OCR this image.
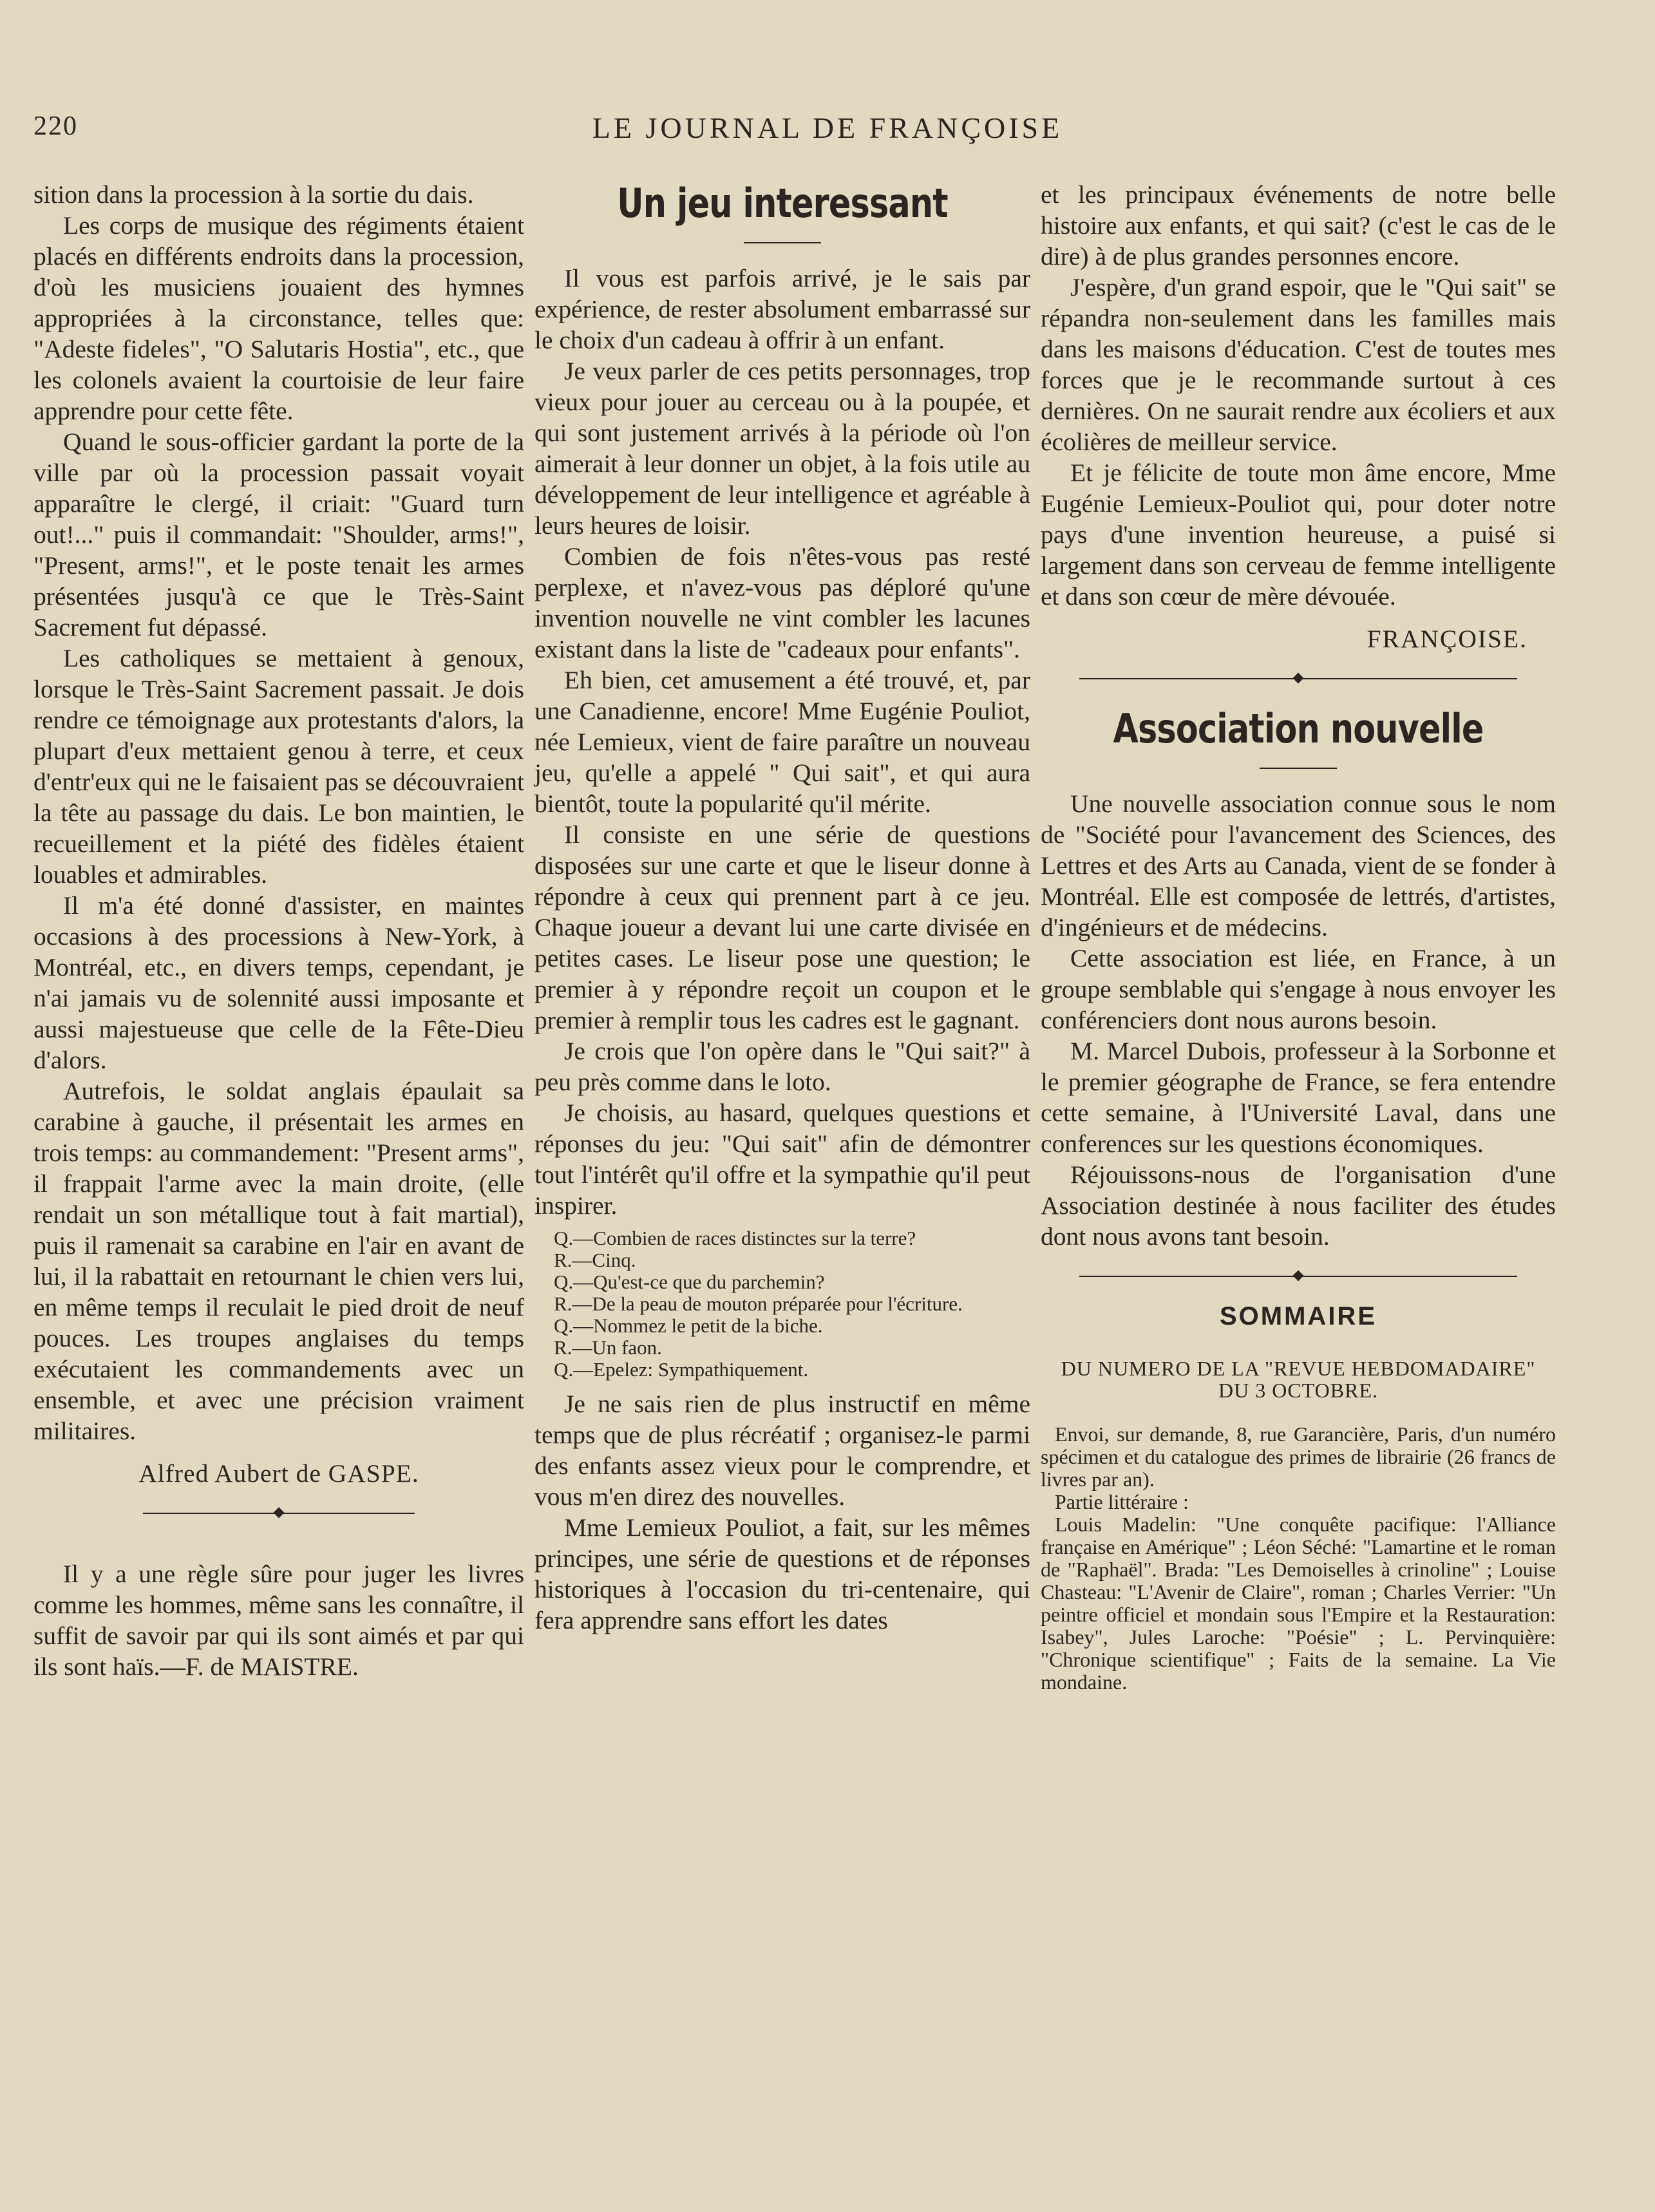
220	LE JOURNAL DE FRANÇOISE

sition dans la procession à la sortie du dais.

Les corps de musique des régiments étaient placés en différents endroits dans la procession, d'où les musiciens jouaient des hymnes appropriées à la circonstance, telles que: "Adeste fideles", "O Salutaris Hostia", etc., que les colonels avaient la courtoisie de leur faire apprendre pour cette fête.

Quand le sous-officier gardant la porte de la ville par où la procession passait voyait apparaître le clergé, il criait: "Guard turn out!..." puis il commandait: "Shoulder, arms!", "Present, arms!", et le poste tenait les armes présentées jusqu'à ce que le Très-Saint Sacrement fut dépassé.

Les catholiques se mettaient à genoux, lorsque le Très-Saint Sacrement passait. Je dois rendre ce témoignage aux protestants d'alors, la plupart d'eux mettaient genou à terre, et ceux d'entr'eux qui ne le faisaient pas se découvraient la tête au passage du dais. Le bon maintien, le recueillement et la piété des fidèles étaient louables et admirables.

Il m'a été donné d'assister, en maintes occasions à des processions à New-York, à Montréal, etc., en divers temps, cependant, je n'ai jamais vu de solennité aussi imposante et aussi majestueuse que celle de la Fête-Dieu d'alors.

Autrefois, le soldat anglais épaulait sa carabine à gauche, il présentait les armes en trois temps: au commandement: "Present arms", il frappait l'arme avec la main droite, (elle rendait un son métallique tout à fait martial), puis il ramenait sa carabine en l'air en avant de lui, il la rabattait en retournant le chien vers lui, en même temps il reculait le pied droit de neuf pouces. Les troupes anglaises du temps exécutaient les commandements avec un ensemble, et avec une précision vraiment militaires.

Alfred Aubert de GASPE.

Il y a une règle sûre pour juger les livres comme les hommes, même sans les connaître, il suffit de savoir par qui ils sont aimés et par qui ils sont haïs.—F. de MAISTRE.

Un jeu interessant

Il vous est parfois arrivé, je le sais par expérience, de rester absolument embarrassé sur le choix d'un cadeau à offrir à un enfant.

Je veux parler de ces petits personnages, trop vieux pour jouer au cerceau ou à la poupée, et qui sont justement arrivés à la période où l'on aimerait à leur donner un objet, à la fois utile au développement de leur intelligence et agréable à leurs heures de loisir.

Combien de fois n'êtes-vous pas resté perplexe, et n'avez-vous pas déploré qu'une invention nouvelle ne vint combler les lacunes existant dans la liste de "cadeaux pour enfants".

Eh bien, cet amusement a été trouvé, et, par une Canadienne, encore! Mme Eugénie Pouliot, née Lemieux, vient de faire paraître un nouveau jeu, qu'elle a appelé " Qui sait", et qui aura bientôt, toute la popularité qu'il mérite.

Il consiste en une série de questions disposées sur une carte et que le liseur donne à répondre à ceux qui prennent part à ce jeu. Chaque joueur a devant lui une carte divisée en petites cases. Le liseur pose une question; le premier à y répondre reçoit un coupon et le premier à remplir tous les cadres est le gagnant.

Je crois que l'on opère dans le "Qui sait?" à peu près comme dans le loto.

Je choisis, au hasard, quelques questions et réponses du jeu: "Qui sait" afin de démontrer tout l'intérêt qu'il offre et la sympathie qu'il peut inspirer.

Q.—Combien de races distinctes sur la terre?
R.—Cinq.
Q.—Qu'est-ce que du parchemin?
R.—De la peau de mouton préparée pour l'écriture.
Q.—Nommez le petit de la biche.
R.—Un faon.
Q.—Epelez: Sympathiquement.

Je ne sais rien de plus instructif en même temps que de plus récréatif ; organisez-le parmi des enfants assez vieux pour le comprendre, et vous m'en direz des nouvelles.

Mme Lemieux Pouliot, a fait, sur les mêmes principes, une série de questions et de réponses historiques à l'occasion du tri-centenaire, qui fera apprendre sans effort les dates

et les principaux événements de notre belle histoire aux enfants, et qui sait? (c'est le cas de le dire) à de plus grandes personnes encore.

J'espère, d'un grand espoir, que le "Qui sait" se répandra non-seulement dans les familles mais dans les maisons d'éducation. C'est de toutes mes forces que je le recommande surtout à ces dernières. On ne saurait rendre aux écoliers et aux écolières de meilleur service.

Et je félicite de toute mon âme encore, Mme Eugénie Lemieux-Pouliot qui, pour doter notre pays d'une invention heureuse, a puisé si largement dans son cerveau de femme intelligente et dans son cœur de mère dévouée.

FRANÇOISE.
Association nouvelle

Une nouvelle association connue sous le nom de "Société pour l'avancement des Sciences, des Lettres et des Arts au Canada, vient de se fonder à Montréal. Elle est composée de lettrés, d'artistes, d'ingénieurs et de médecins.

Cette association est liée, en France, à un groupe semblable qui s'engage à nous envoyer les conférenciers dont nous aurons besoin.

M. Marcel Dubois, professeur à la Sorbonne et le premier géographe de France, se fera entendre cette semaine, à l'Université Laval, dans une conferences sur les questions économiques.

Réjouissons-nous de l'organisation d'une Association destinée à nous faciliter des études dont nous avons tant besoin.

SOMMAIRE
DU NUMERO DE LA "REVUE HEBDOMADAIRE" DU 3 OCTOBRE.

Envoi, sur demande, 8, rue Garancière, Paris, d'un numéro spécimen et du catalogue des primes de librairie (26 francs de livres par an).

Partie littéraire :

Louis Madelin: "Une conquête pacifique: l'Alliance française en Amérique" ; Léon Séché: "Lamartine et le roman de "Raphaël". Brada: "Les Demoiselles à crinoline" ; Louise Chasteau: "L'Avenir de Claire", roman ; Charles Verrier: "Un peintre officiel et mondain sous l'Empire et la Restauration: Isabey", Jules Laroche: "Poésie" ; L. Pervinquière: "Chronique scientifique" ; Faits de la semaine. La Vie mondaine.
